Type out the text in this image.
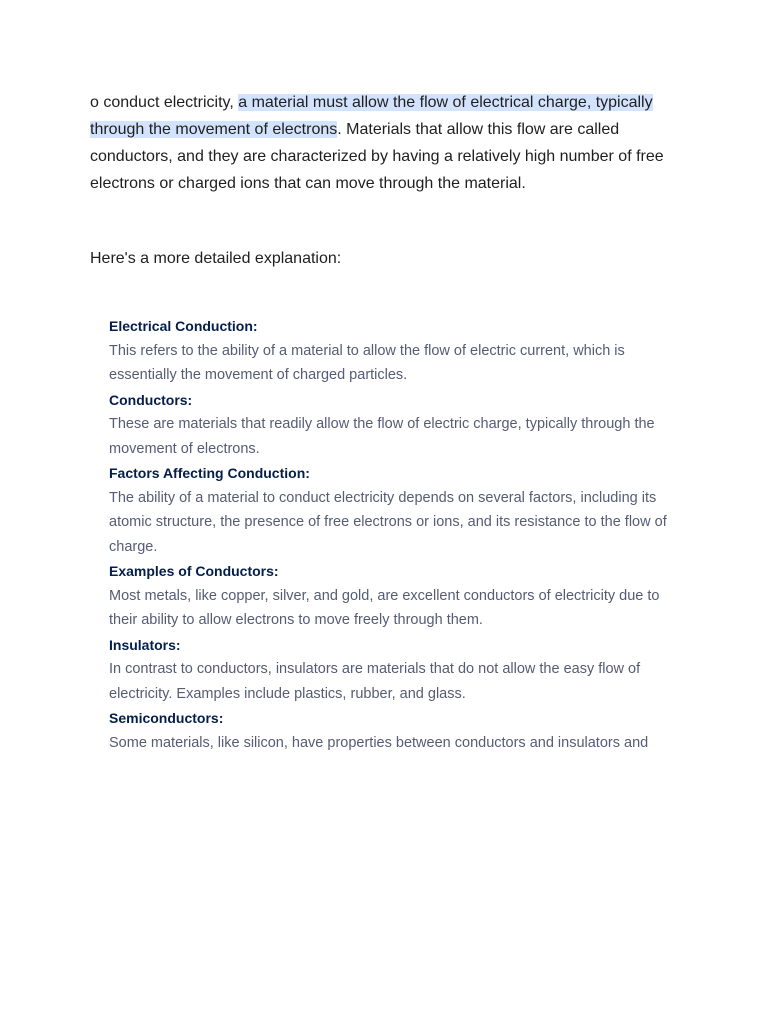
o conduct electricity, a material must allow the flow of electrical charge, typically through the movement of electrons. Materials that allow this flow are called conductors, and they are characterized by having a relatively high number of free electrons or charged ions that can move through the material.

Here's a more detailed explanation:

Electrical Conduction:

This refers to the ability of a material to allow the flow of electric current, which is essentially the movement of charged particles.

Conductors:

These are materials that readily allow the flow of electric charge, typically through the movement of electrons.

Factors Affecting Conduction:

The ability of a material to conduct electricity depends on several factors, including its atomic structure, the presence of free electrons or ions, and its resistance to the flow of charge.

Examples of Conductors:

Most metals, like copper, silver, and gold, are excellent conductors of electricity due to their ability to allow electrons to move freely through them.

Insulators:

In contrast to conductors, insulators are materials that do not allow the easy flow of electricity. Examples include plastics, rubber, and glass.

Semiconductors:

Some materials, like silicon, have properties between conductors and insulators and
